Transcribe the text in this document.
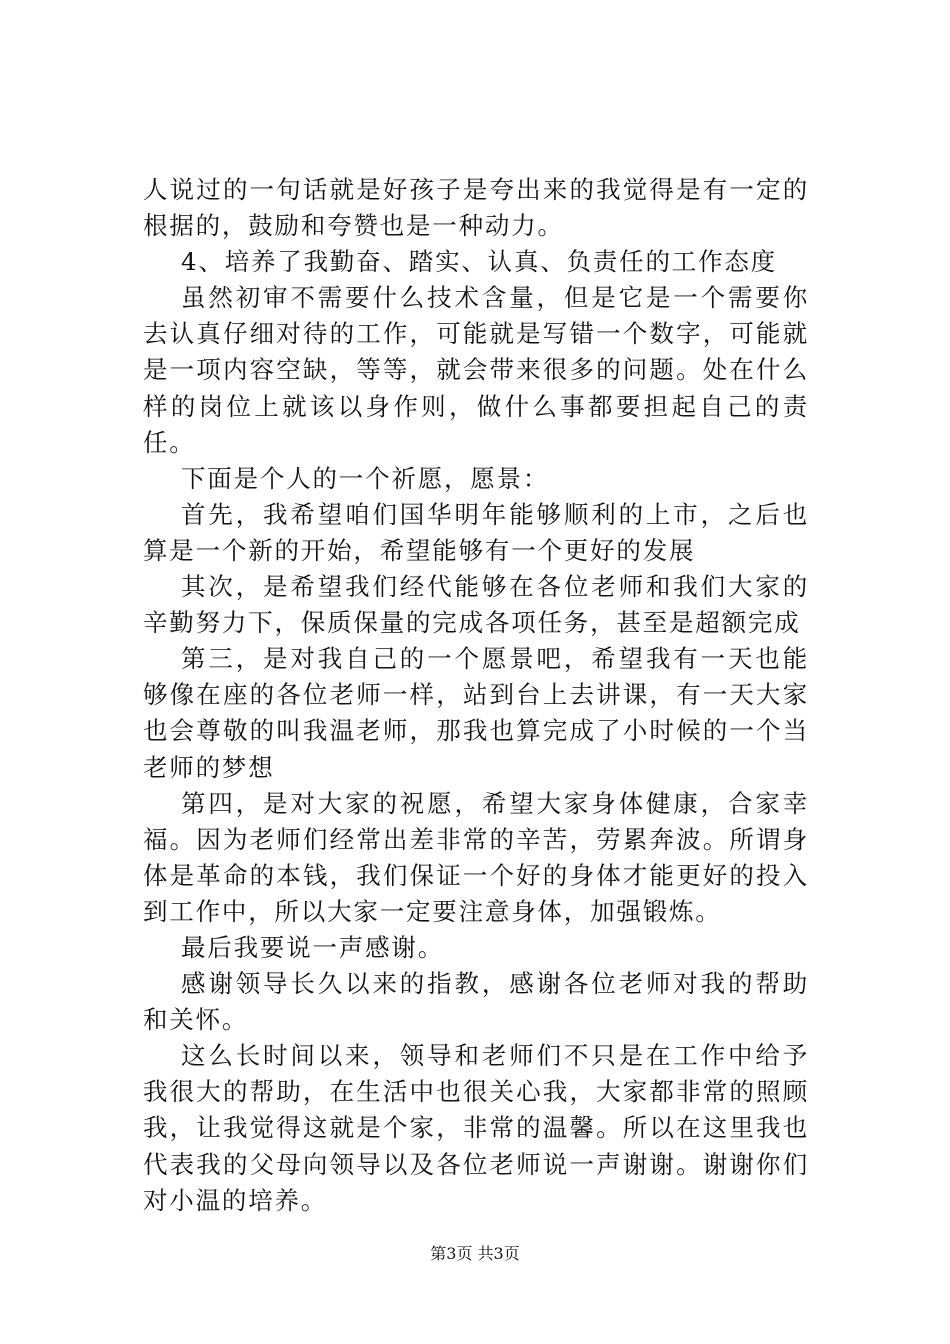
人说过的一句话就是好孩子是夸出来的我觉得是有一定的根据的，鼓励和夸赞也是一种动力。

4、培养了我勤奋、踏实、认真、负责任的工作态度

虽然初审不需要什么技术含量，但是它是一个需要你去认真仔细对待的工作，可能就是写错一个数字，可能就是一项内容空缺，等等，就会带来很多的问题。处在什么样的岗位上就该以身作则，做什么事都要担起自己的责任。

下面是个人的一个祈愿，愿景：

首先，我希望咱们国华明年能够顺利的上市，之后也算是一个新的开始，希望能够有一个更好的发展

其次，是希望我们经代能够在各位老师和我们大家的辛勤努力下，保质保量的完成各项任务，甚至是超额完成

第三，是对我自己的一个愿景吧，希望我有一天也能够像在座的各位老师一样，站到台上去讲课，有一天大家也会尊敬的叫我温老师，那我也算完成了小时候的一个当老师的梦想

第四，是对大家的祝愿，希望大家身体健康，合家幸福。因为老师们经常出差非常的辛苦，劳累奔波。所谓身体是革命的本钱，我们保证一个好的身体才能更好的投入到工作中，所以大家一定要注意身体，加强锻炼。

最后我要说一声感谢。

感谢领导长久以来的指教，感谢各位老师对我的帮助和关怀。

这么长时间以来，领导和老师们不只是在工作中给予我很大的帮助，在生活中也很关心我，大家都非常的照顾我，让我觉得这就是个家，非常的温馨。所以在这里我也代表我的父母向领导以及各位老师说一声谢谢。谢谢你们对小温的培养。

第3页 共3页
